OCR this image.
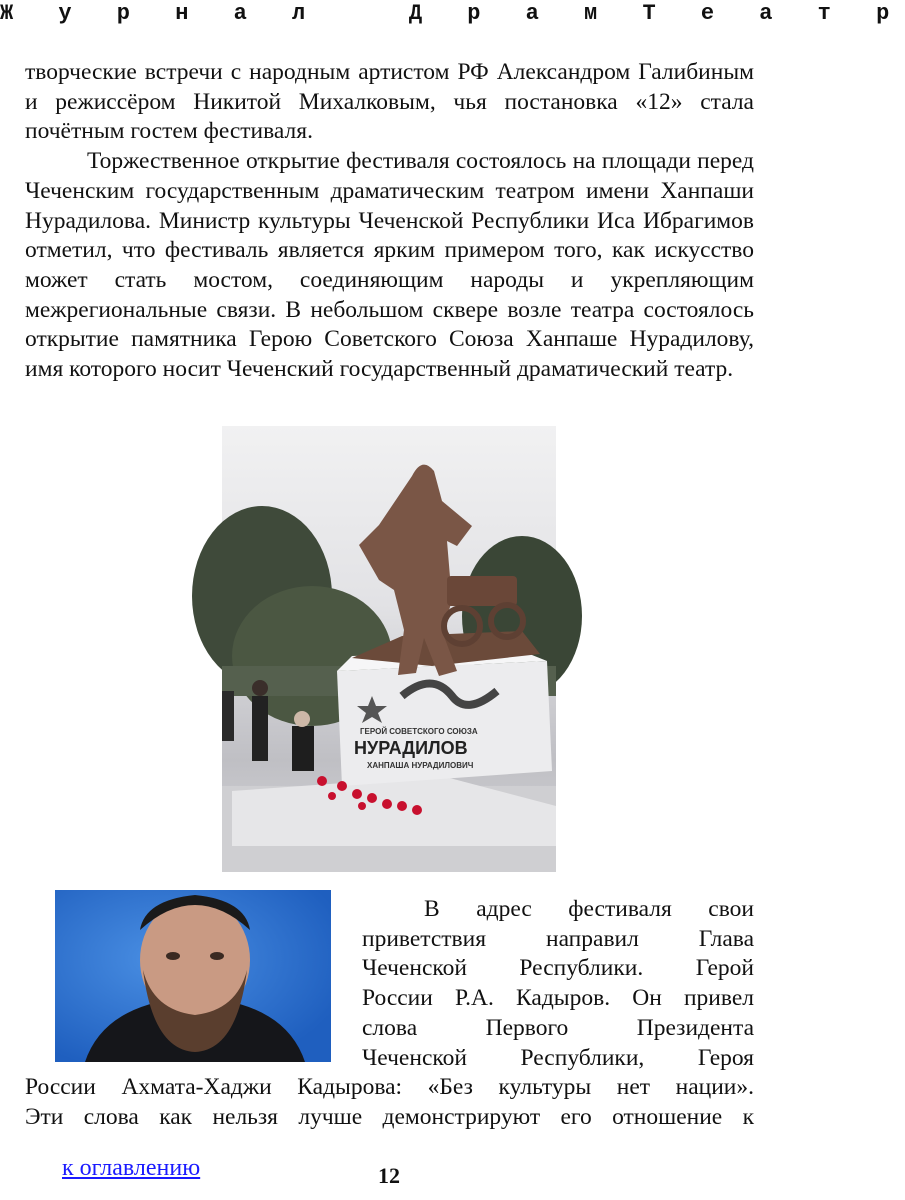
Ж у р н а л   Д р а м Т е а т р

творческие встречи с народным артистом РФ Александром Галибиным и режиссёром Никитой Михалковым, чья постановка «12» стала почётным гостем фестиваля.

Торжественное открытие фестиваля состоялось на площади перед Чеченским государственным драматическим театром имени Ханпаши Нурадилова. Министр культуры Чеченской Республики Иса Ибрагимов отметил, что фестиваль является ярким примером того, как искусство может стать мостом, соединяющим народы и укрепляющим межрегиональные связи. В небольшом сквере возле театра состоялось открытие памятника Герою Советского Союза Ханпаше Нурадилову, имя которого носит Чеченский государственный драматический театр.

ГЕРОЙ СОВЕТСКОГО СОЮЗА
НУРАДИЛОВ
ХАНПАША НУРАДИЛОВИЧ
В адрес фестиваля свои
приветствия направил Глава
Чеченской Республики. Герой
России Р.А. Кадыров. Он привел
слова Первого Президента
Чеченской Республики, Героя
России Ахмата-Хаджи Кадырова: «Без культуры нет нации».
Эти слова как нельзя лучше демонстрируют его отношение к
к оглавлению	12
